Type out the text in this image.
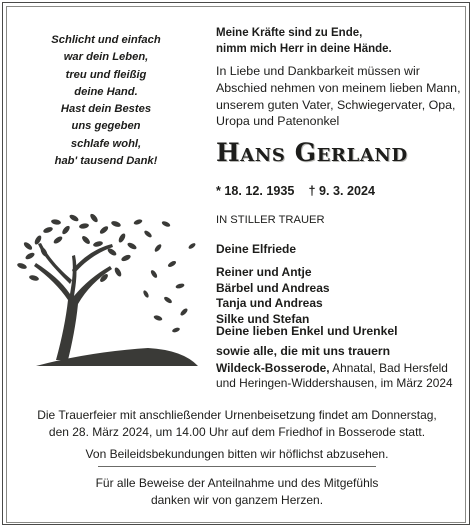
Schlicht und einfach
war dein Leben,
treu und fleißig
deine Hand.
Hast dein Bestes
uns gegeben
schlafe wohl,
hab' tausend Dank!
Meine Kräfte sind zu Ende,
nimm mich Herr in deine Hände.
In Liebe und Dankbarkeit müssen wir
Abschied nehmen von meinem lieben Mann,
unserem guten Vater, Schwiegervater, Opa,
Uropa und Patenonkel
Hans Gerland
* 18. 12. 1935 † 9. 3. 2024
IN STILLER TRAUER
Deine Elfriede
Reiner und Antje
Bärbel und Andreas
Tanja und Andreas
Silke und Stefan
Deine lieben Enkel und Urenkel
sowie alle, die mit uns trauern
Wildeck-Bosserode, Ahnatal, Bad Hersfeld
und Heringen-Widdershausen, im März 2024
Die Trauerfeier mit anschließender Urnenbeisetzung findet am Donnerstag,
den 28. März 2024, um 14.00 Uhr auf dem Friedhof in Bosserode statt.
Von Beileidsbekundungen bitten wir höflichst abzusehen.
Für alle Beweise der Anteilnahme und des Mitgefühls
danken wir von ganzem Herzen.
